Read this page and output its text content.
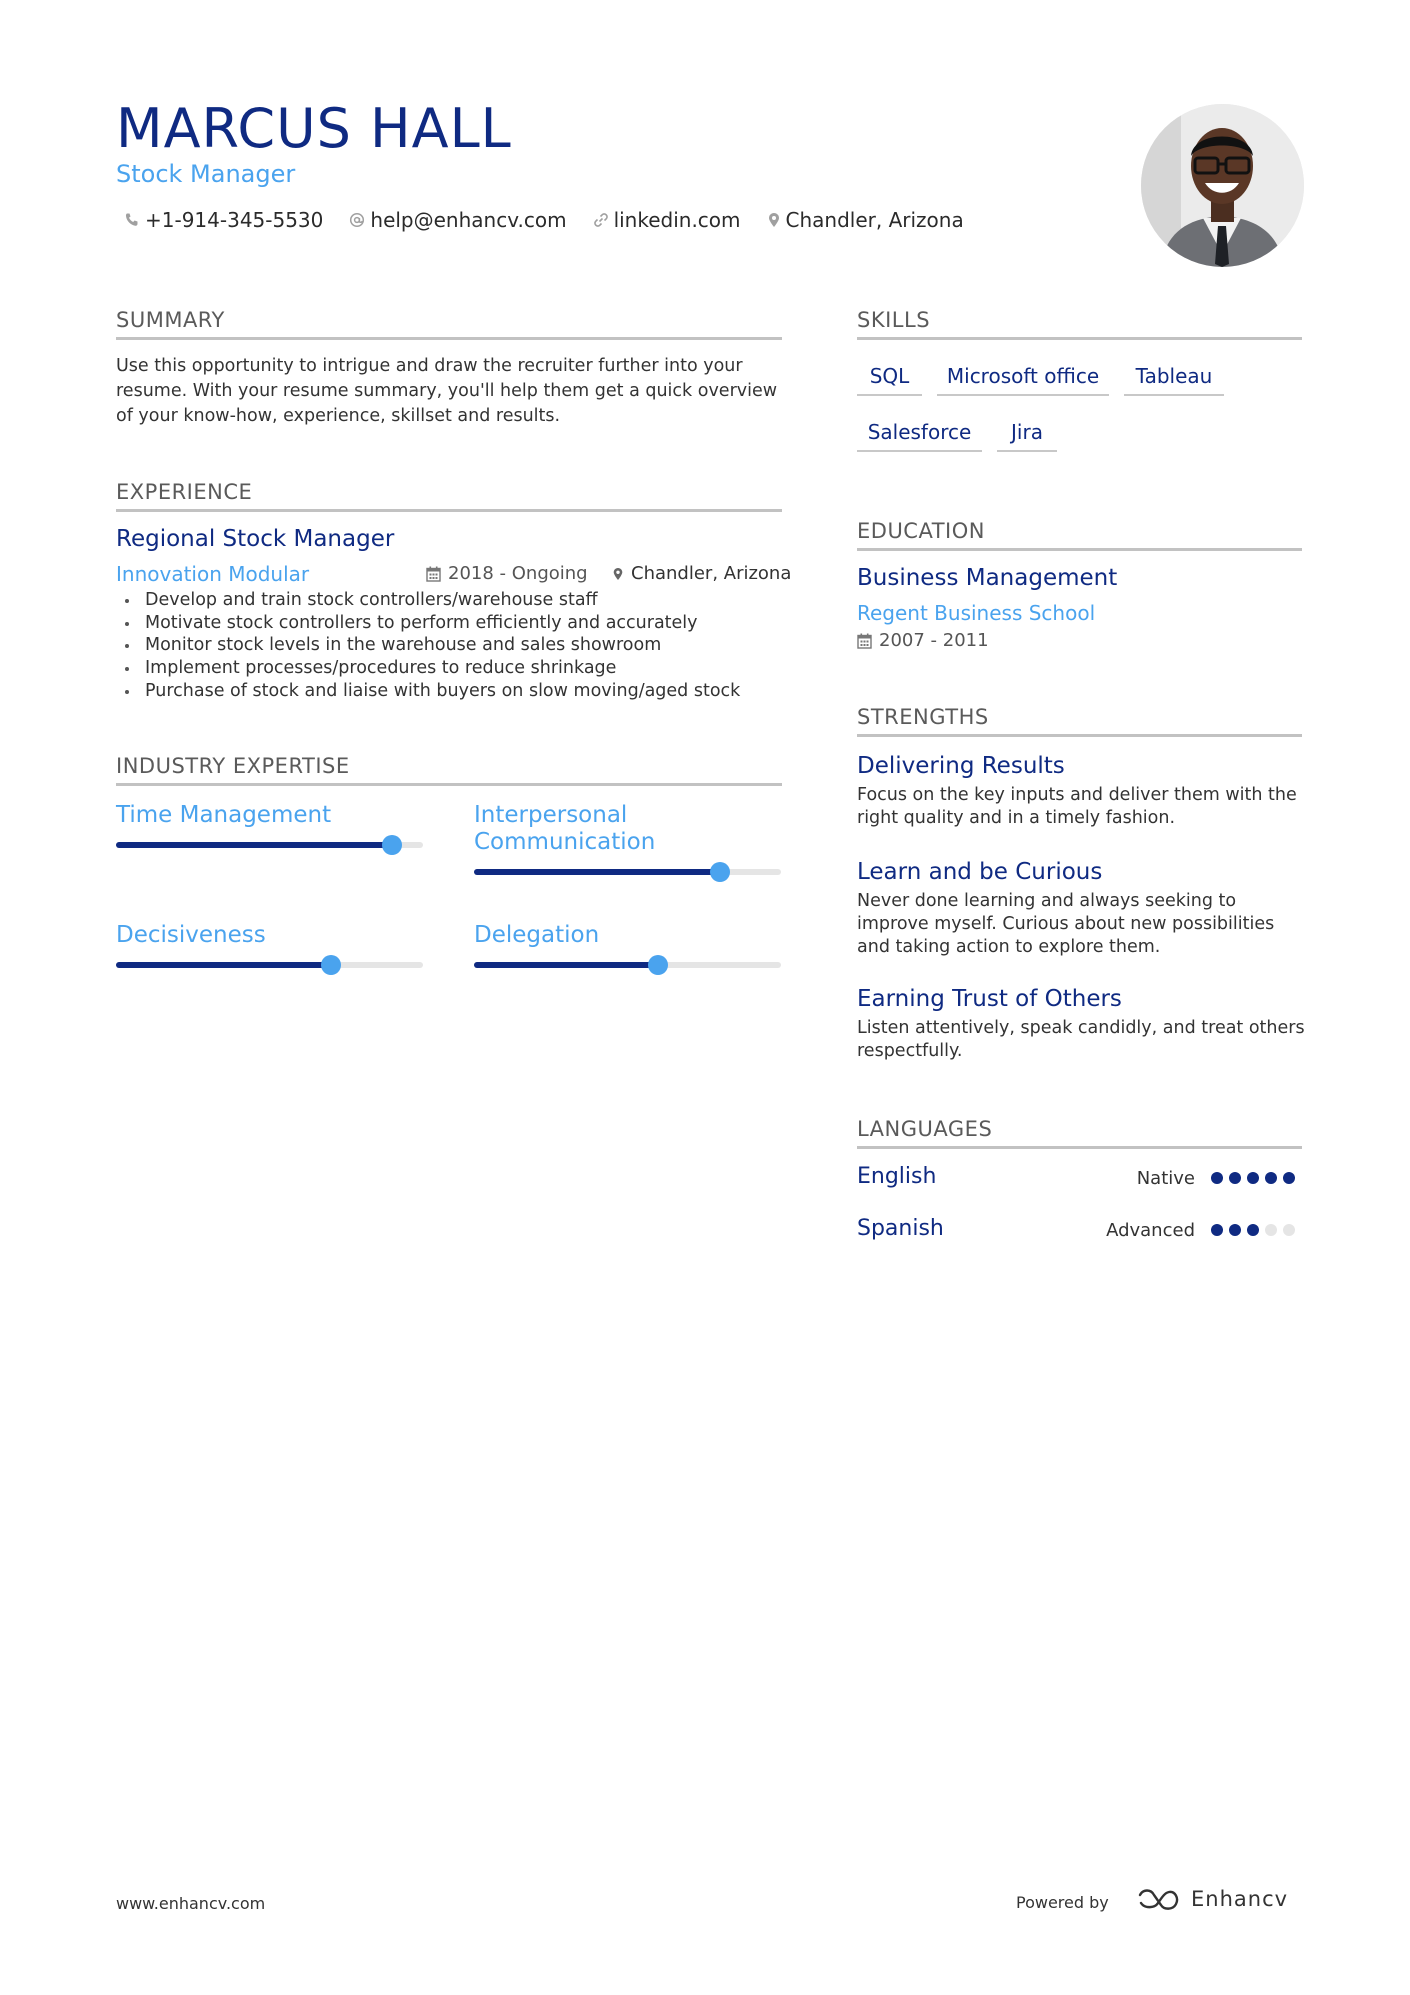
MARCUS HALL
Stock Manager
+1-914-345-5530 help@enhancv.com linkedin.com Chandler, Arizona
SUMMARY

Use this opportunity to intrigue and draw the recruiter further into your resume. With your resume summary, you'll help them get a quick overview of your know-how, experience, skillset and results.

EXPERIENCE
Regional Stock Manager
Innovation Modular	2018 - Ongoing Chandler, Arizona
Develop and train stock controllers/warehouse staff
Motivate stock controllers to perform efficiently and accurately
Monitor stock levels in the warehouse and sales showroom
Implement processes/procedures to reduce shrinkage
Purchase of stock and liaise with buyers on slow moving/aged stock
INDUSTRY EXPERTISE
Time Management	Interpersonal Communication
Decisiveness	Delegation
SKILLS
SQL	Microsoft office	Tableau
Salesforce	Jira
EDUCATION
Business Management
Regent Business School
2007 - 2011
STRENGTHS
Delivering Results
Focus on the key inputs and deliver them with the right quality and in a timely fashion.
Learn and be Curious
Never done learning and always seeking to improve myself. Curious about new possibilities and taking action to explore them.
Earning Trust of Others
Listen attentively, speak candidly, and treat others respectfully.
LANGUAGES
English	Native
Spanish	Advanced
www.enhancv.com	Powered by	Enhancv
